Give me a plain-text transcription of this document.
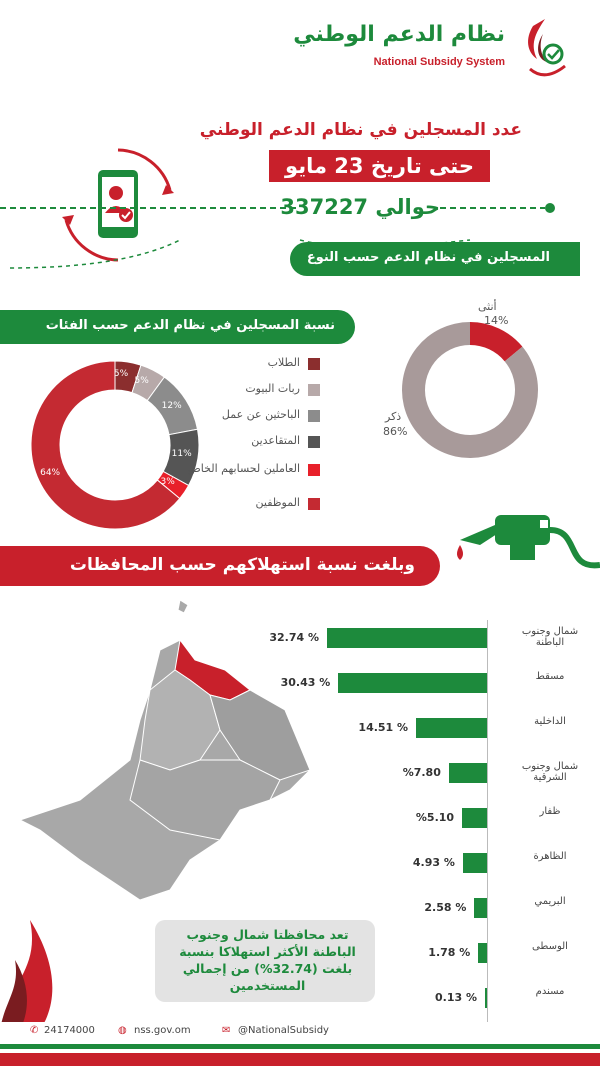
نظام الدعم الوطني
National Subsidy System
عدد المسجلين في نظام الدعم الوطني
حتى تاريخ 23 مايو
حوالي 337227
المسجلين في نظام الدعم حسب النوع
نسبة المسجلين في نظام الدعم حسب الفئات
أنثى
14%
ذكر
86%
5%
5%
12%
11%
3%
64%
الطلاب
ربات البيوت
الباحثين عن عمل
المتقاعدين
العاملين لحسابهم الخاص
الموظفين
وبلغت نسبة استهلاكهم حسب المحافظات
% 32.74	شمال وجنوب الباطنة
% 30.43	مسقط
% 14.51	الداخلية
%7.80	شمال وجنوب الشرقية
%5.10	ظفار
% 4.93	الظاهرة
% 2.58	البريمي
% 1.78	الوسطى
% 0.13	مسندم
تعد محافظتا شمال وجنوب الباطنة الأكثر استهلاكا بنسبة بلغت (32.74%) من إجمالي المستخدمين
✆ 24174000 ◍ nss.gov.om	✉ @NationalSubsidy
